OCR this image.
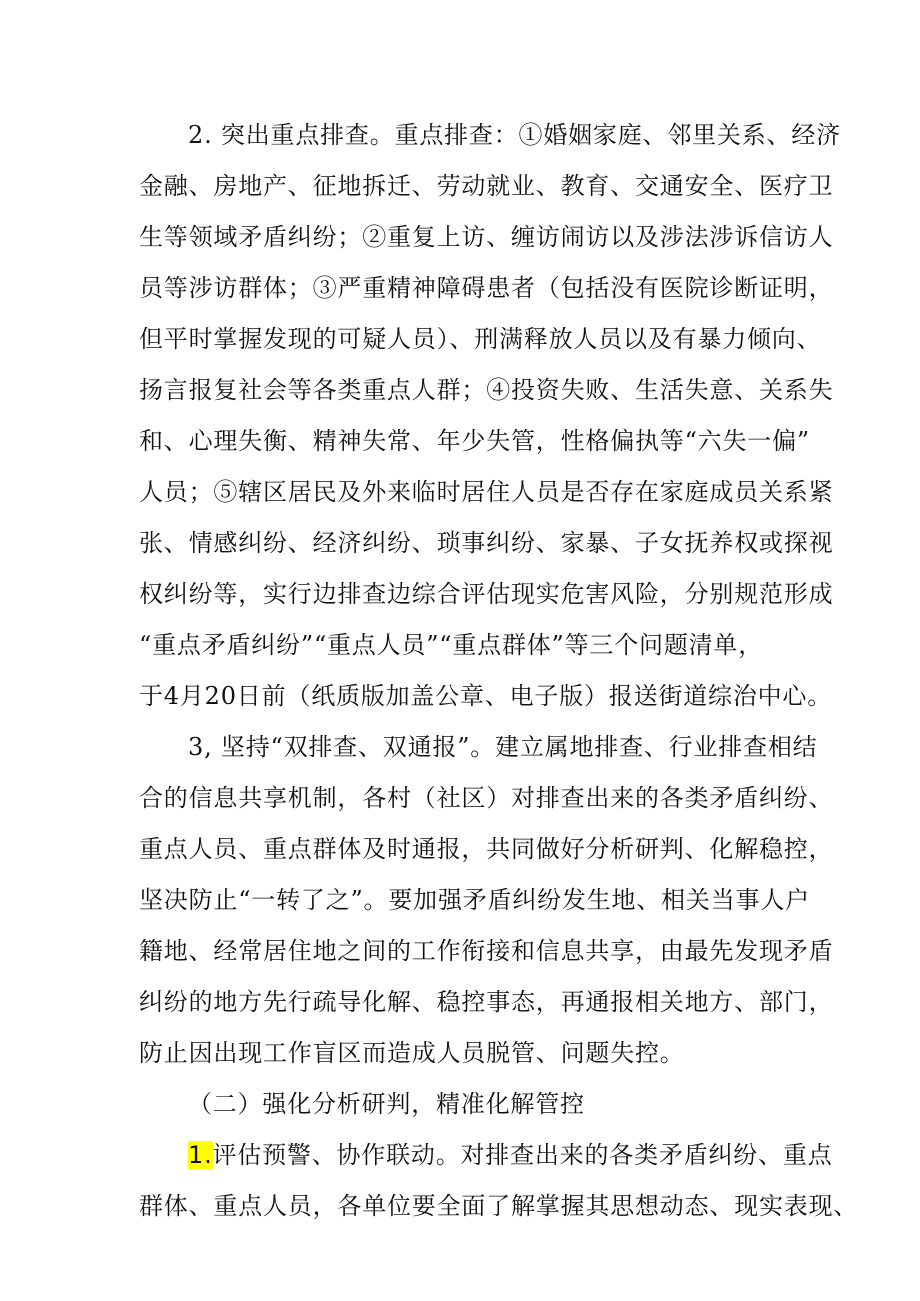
2. 突出重点排查。重点排查：①婚姻家庭、邻里关系、经济
金融、房地产、征地拆迁、劳动就业、教育、交通安全、医疗卫
生等领域矛盾纠纷；②重复上访、缠访闹访以及涉法涉诉信访人
员等涉访群体；③严重精神障碍患者（包括没有医院诊断证明，
但平时掌握发现的可疑人员）、刑满释放人员以及有暴力倾向、
扬言报复社会等各类重点人群；④投资失败、生活失意、关系失
和、心理失衡、精神失常、年少失管，性格偏执等“六失一偏”
人员；⑤辖区居民及外来临时居住人员是否存在家庭成员关系紧
张、情感纠纷、经济纠纷、琐事纠纷、家暴、子女抚养权或探视
权纠纷等，实行边排查边综合评估现实危害风险，分别规范形成
“重点矛盾纠纷”“重点人员”“重点群体”等三个问题清单，
于4月20日前（纸质版加盖公章、电子版）报送街道综治中心。
3, 坚持“双排查、双通报”。建立属地排查、行业排查相结
合的信息共享机制，各村（社区）对排查出来的各类矛盾纠纷、
重点人员、重点群体及时通报，共同做好分析研判、化解稳控，
坚决防止“一转了之”。要加强矛盾纠纷发生地、相关当事人户
籍地、经常居住地之间的工作衔接和信息共享，由最先发现矛盾
纠纷的地方先行疏导化解、稳控事态，再通报相关地方、部门，
防止因出现工作盲区而造成人员脱管、问题失控。
（二）强化分析研判，精准化解管控
1.评估预警、协作联动。对排查出来的各类矛盾纠纷、重点
群体、重点人员，各单位要全面了解掌握其思想动态、现实表现、
